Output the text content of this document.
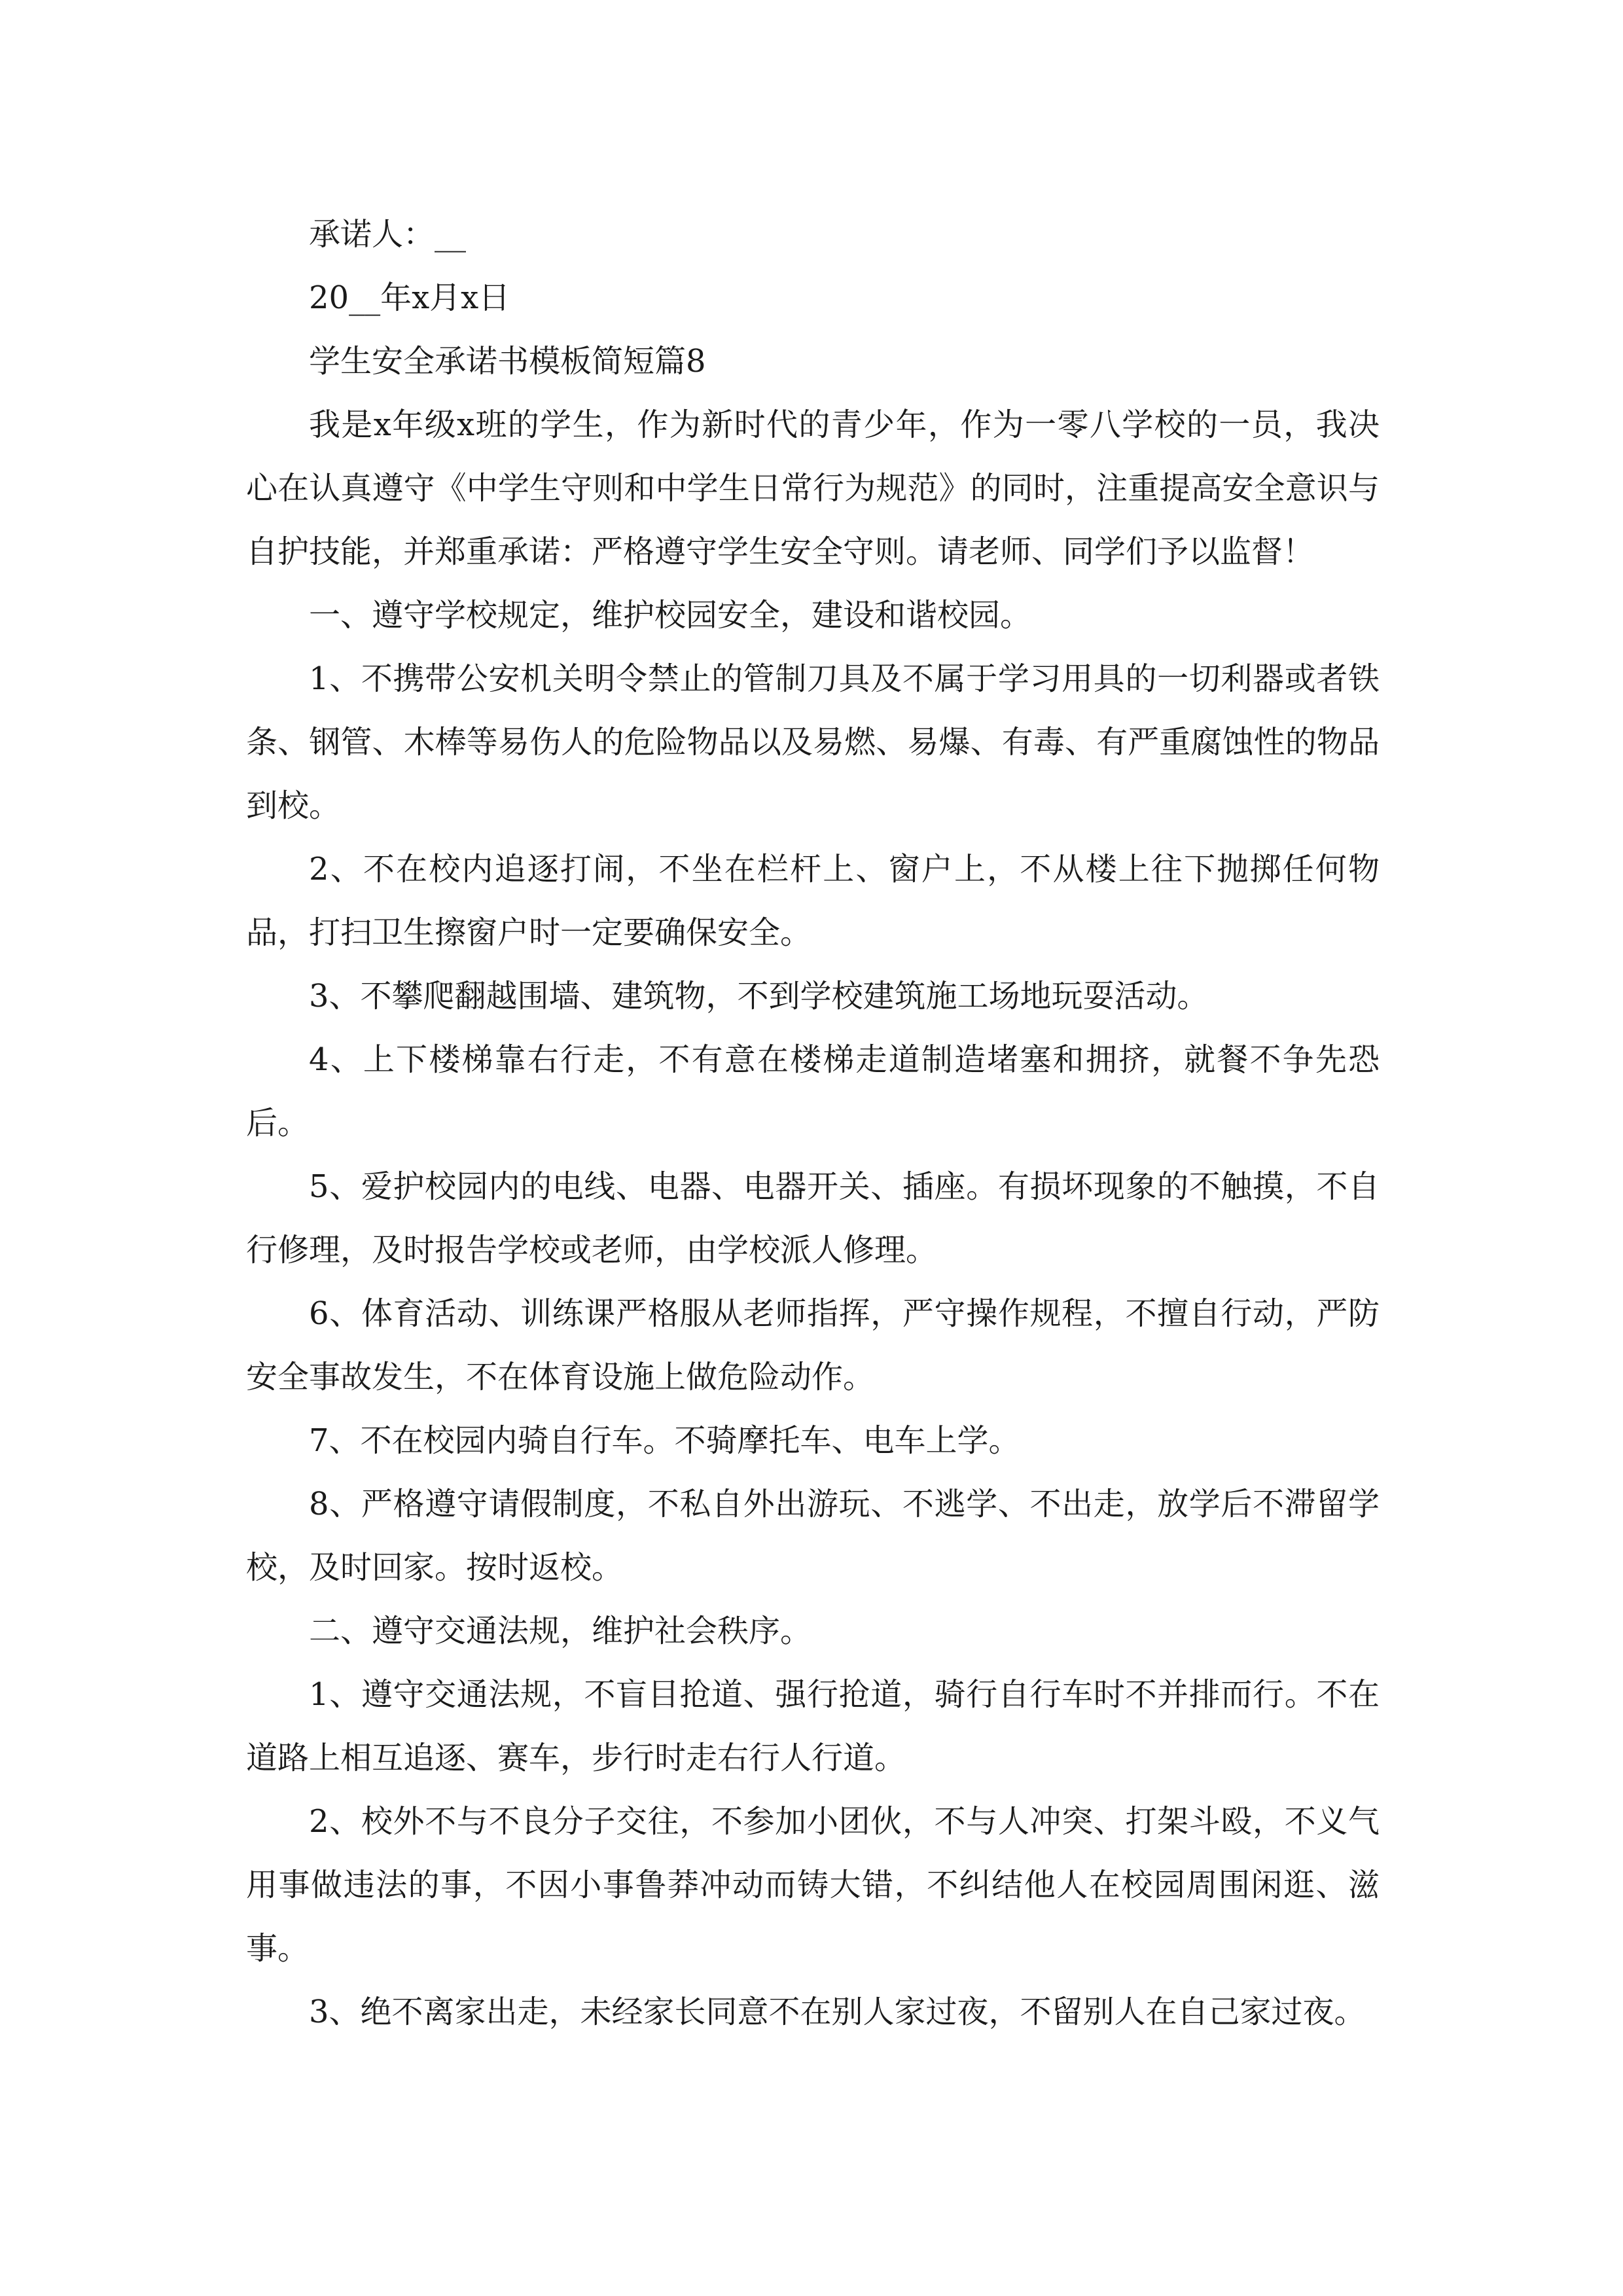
承诺人：__

20__年x月x日

学生安全承诺书模板简短篇8

我是x年级x班的学生，作为新时代的青少年，作为一零八学校的一员，我决心在认真遵守《中学生守则和中学生日常行为规范》的同时，注重提高安全意识与自护技能，并郑重承诺：严格遵守学生安全守则。请老师、同学们予以监督！

一、遵守学校规定，维护校园安全，建设和谐校园。

1、不携带公安机关明令禁止的管制刀具及不属于学习用具的一切利器或者铁条、钢管、木棒等易伤人的危险物品以及易燃、易爆、有毒、有严重腐蚀性的物品到校。

2、不在校内追逐打闹，不坐在栏杆上、窗户上，不从楼上往下抛掷任何物品，打扫卫生擦窗户时一定要确保安全。

3、不攀爬翻越围墙、建筑物，不到学校建筑施工场地玩耍活动。

4、上下楼梯靠右行走，不有意在楼梯走道制造堵塞和拥挤，就餐不争先恐后。

5、爱护校园内的电线、电器、电器开关、插座。有损坏现象的不触摸，不自行修理，及时报告学校或老师，由学校派人修理。

6、体育活动、训练课严格服从老师指挥，严守操作规程，不擅自行动，严防安全事故发生，不在体育设施上做危险动作。

7、不在校园内骑自行车。不骑摩托车、电车上学。

8、严格遵守请假制度，不私自外出游玩、不逃学、不出走，放学后不滞留学校，及时回家。按时返校。

二、遵守交通法规，维护社会秩序。

1、遵守交通法规，不盲目抢道、强行抢道，骑行自行车时不并排而行。不在道路上相互追逐、赛车，步行时走右行人行道。

2、校外不与不良分子交往，不参加小团伙，不与人冲突、打架斗殴，不义气用事做违法的事，不因小事鲁莽冲动而铸大错，不纠结他人在校园周围闲逛、滋事。

3、绝不离家出走，未经家长同意不在别人家过夜，不留别人在自己家过夜。
